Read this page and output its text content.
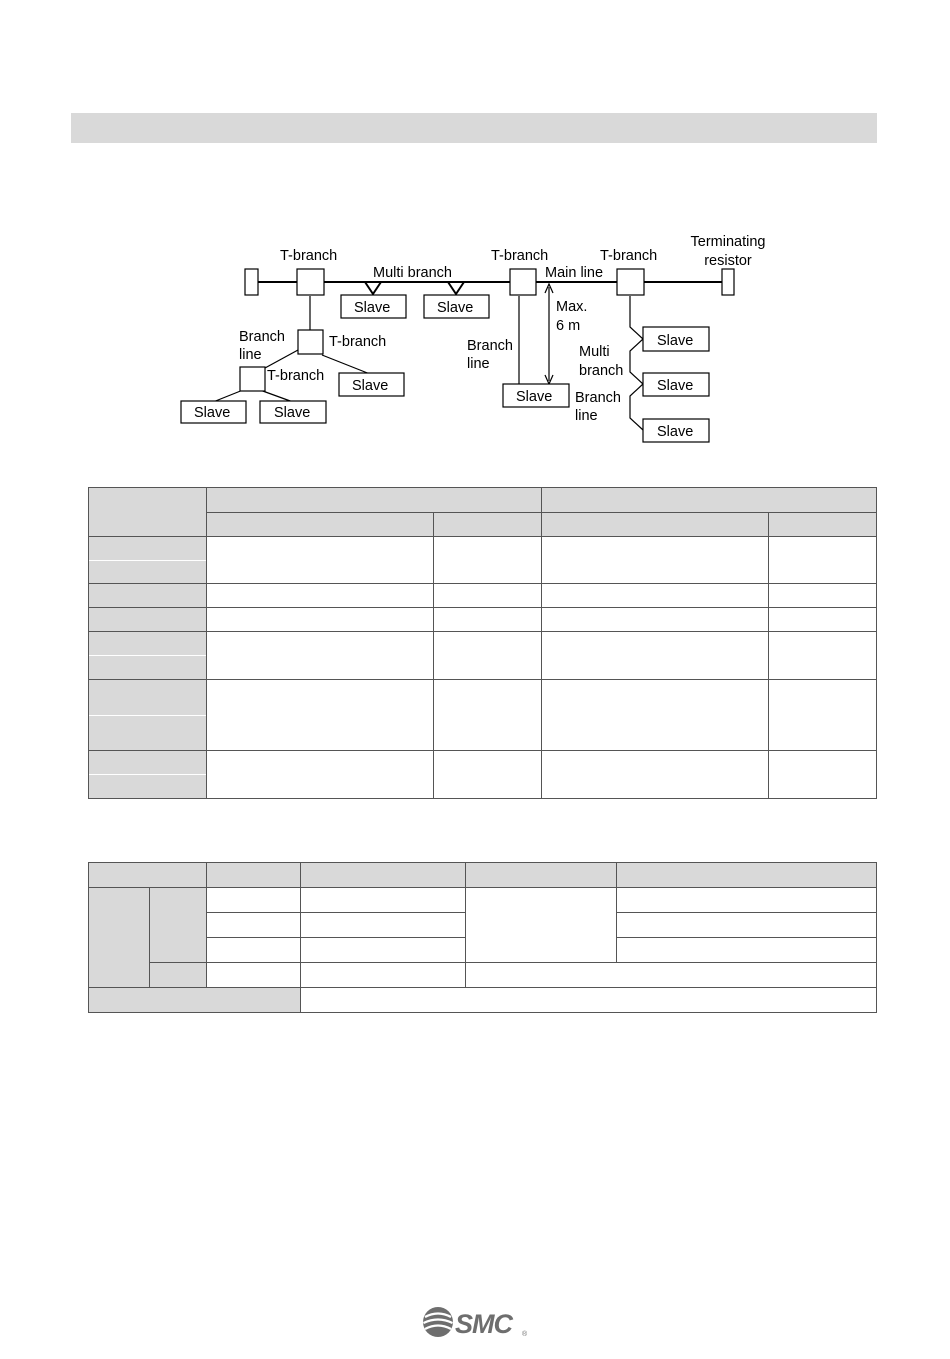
T-branch
Multi branch
T-branch
Main line
T-branch
Terminating
resistor
Slave	Slave
Slave
Slave	Slave
Slave
Slave
Slave
Slave
Branch
line
T-branch
T-branch
Branch
line
Max.
6 m
Multi
branch
Branch
line

SMC ®
